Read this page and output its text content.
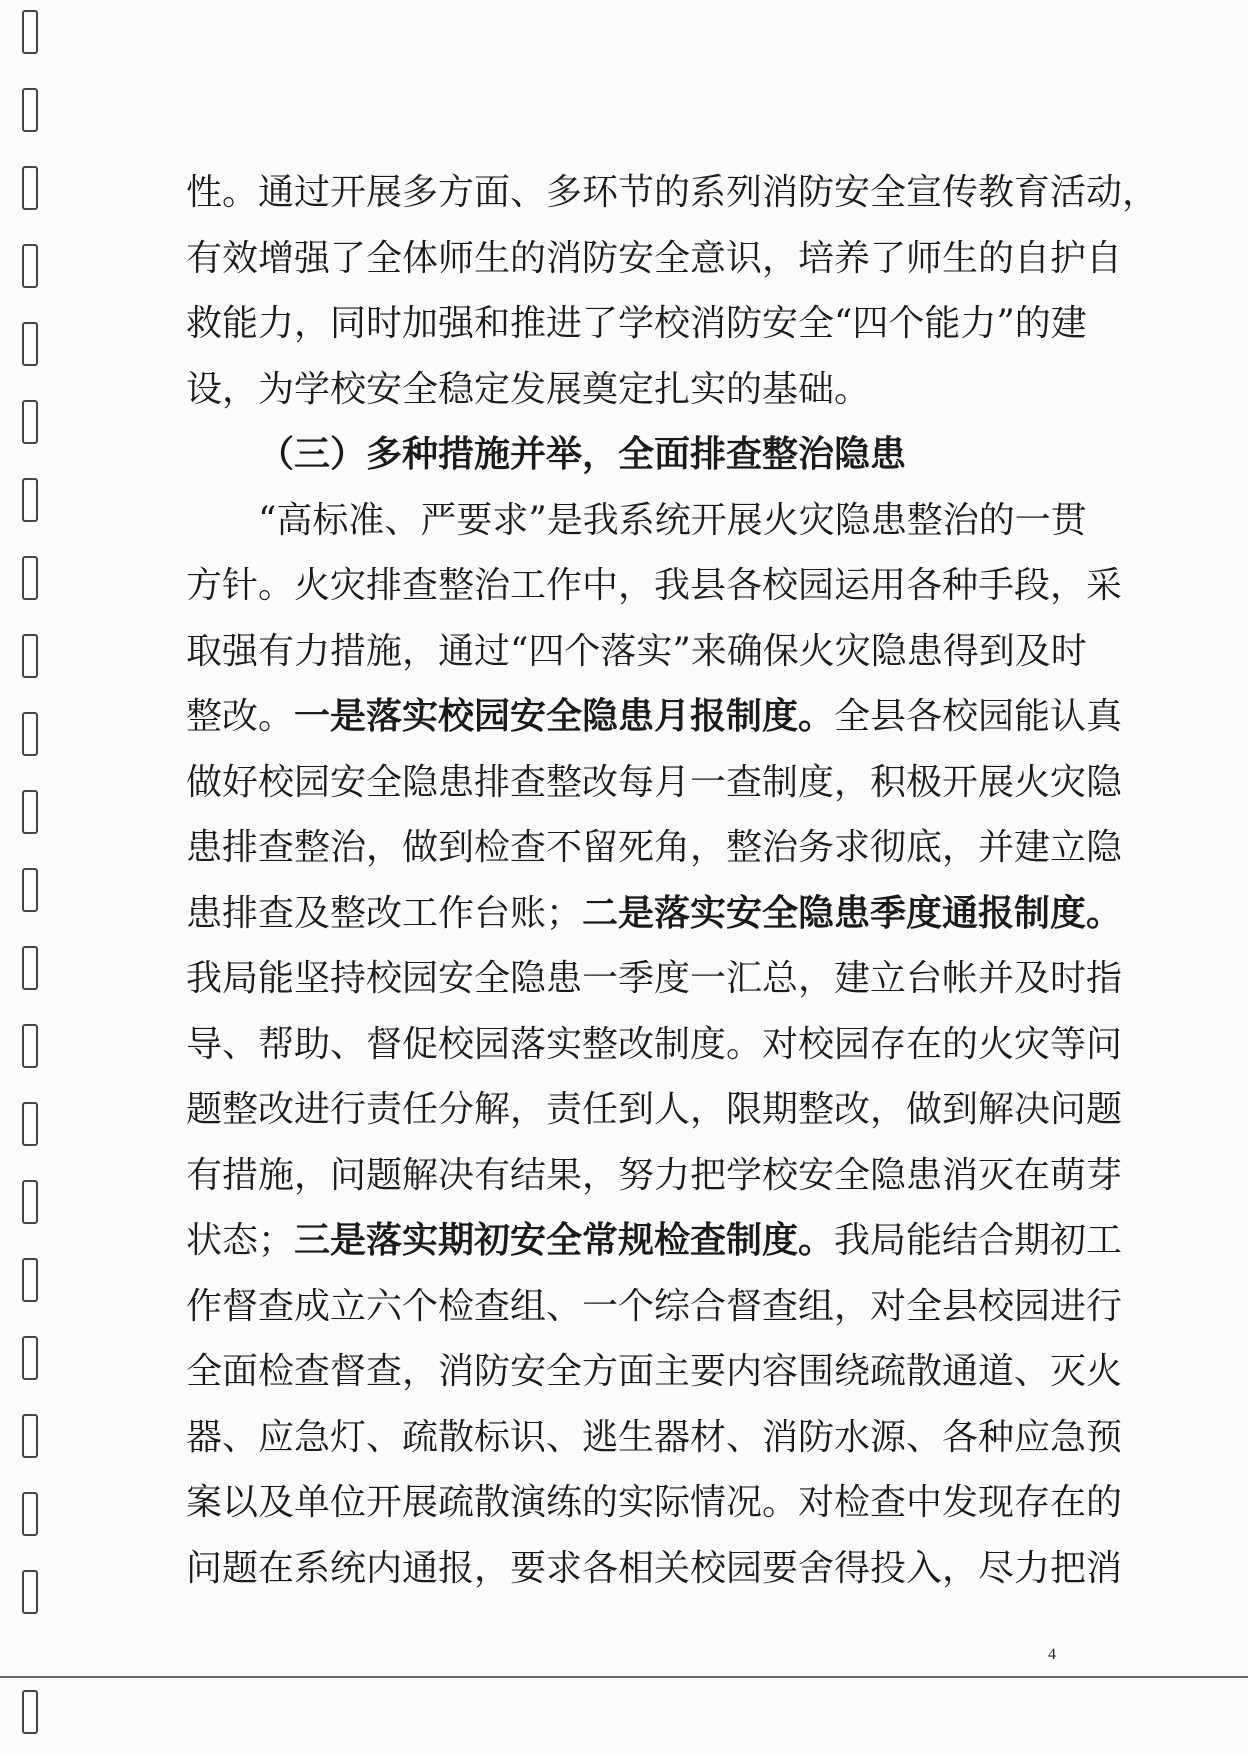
性。通过开展多方面、多环节的系列消防安全宣传教育活动，
有效增强了全体师生的消防安全意识，培养了师生的自护自
救能力，同时加强和推进了学校消防安全“四个能力”的建
设，为学校安全稳定发展奠定扎实的基础。
（三）多种措施并举，全面排查整治隐患
“高标准、严要求”是我系统开展火灾隐患整治的一贯
方针。火灾排查整治工作中，我县各校园运用各种手段，采
取强有力措施，通过“四个落实”来确保火灾隐患得到及时
整改。一是落实校园安全隐患月报制度。全县各校园能认真
做好校园安全隐患排查整改每月一查制度，积极开展火灾隐
患排查整治，做到检查不留死角，整治务求彻底，并建立隐
患排查及整改工作台账；二是落实安全隐患季度通报制度。
我局能坚持校园安全隐患一季度一汇总，建立台帐并及时指
导、帮助、督促校园落实整改制度。对校园存在的火灾等问
题整改进行责任分解，责任到人，限期整改，做到解决问题
有措施，问题解决有结果，努力把学校安全隐患消灭在萌芽
状态；三是落实期初安全常规检查制度。我局能结合期初工
作督查成立六个检查组、一个综合督查组，对全县校园进行
全面检查督查，消防安全方面主要内容围绕疏散通道、灭火
器、应急灯、疏散标识、逃生器材、消防水源、各种应急预
案以及单位开展疏散演练的实际情况。对检查中发现存在的
问题在系统内通报，要求各相关校园要舍得投入，尽力把消
4
